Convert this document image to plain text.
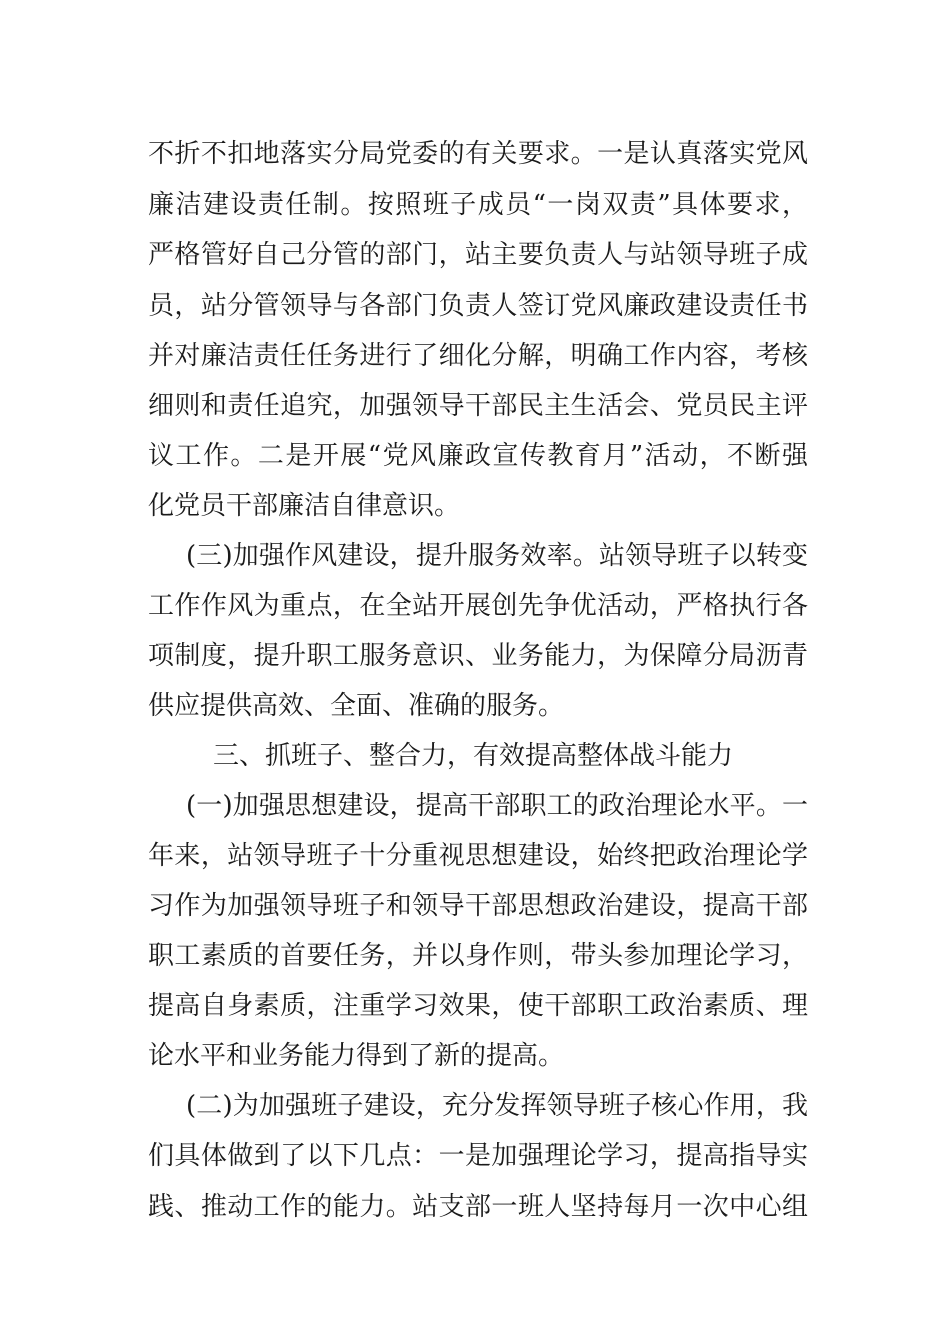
不折不扣地落实分局党委的有关要求。一是认真落实党风
廉洁建设责任制。按照班子成员“一岗双责”具体要求，
严格管好自己分管的部门，站主要负责人与站领导班子成
员，站分管领导与各部门负责人签订党风廉政建设责任书
并对廉洁责任任务进行了细化分解，明确工作内容，考核
细则和责任追究，加强领导干部民主生活会、党员民主评
议工作。二是开展“党风廉政宣传教育月”活动，不断强
化党员干部廉洁自律意识。
(三)加强作风建设，提升服务效率。站领导班子以转变
工作作风为重点，在全站开展创先争优活动，严格执行各
项制度，提升职工服务意识、业务能力，为保障分局沥青
供应提供高效、全面、准确的服务。
三、抓班子、整合力，有效提高整体战斗能力
(一)加强思想建设，提高干部职工的政治理论水平。一
年来，站领导班子十分重视思想建设，始终把政治理论学
习作为加强领导班子和领导干部思想政治建设，提高干部
职工素质的首要任务，并以身作则，带头参加理论学习，
提高自身素质，注重学习效果，使干部职工政治素质、理
论水平和业务能力得到了新的提高。
(二)为加强班子建设，充分发挥领导班子核心作用，我
们具体做到了以下几点：一是加强理论学习，提高指导实
践、推动工作的能力。站支部一班人坚持每月一次中心组
